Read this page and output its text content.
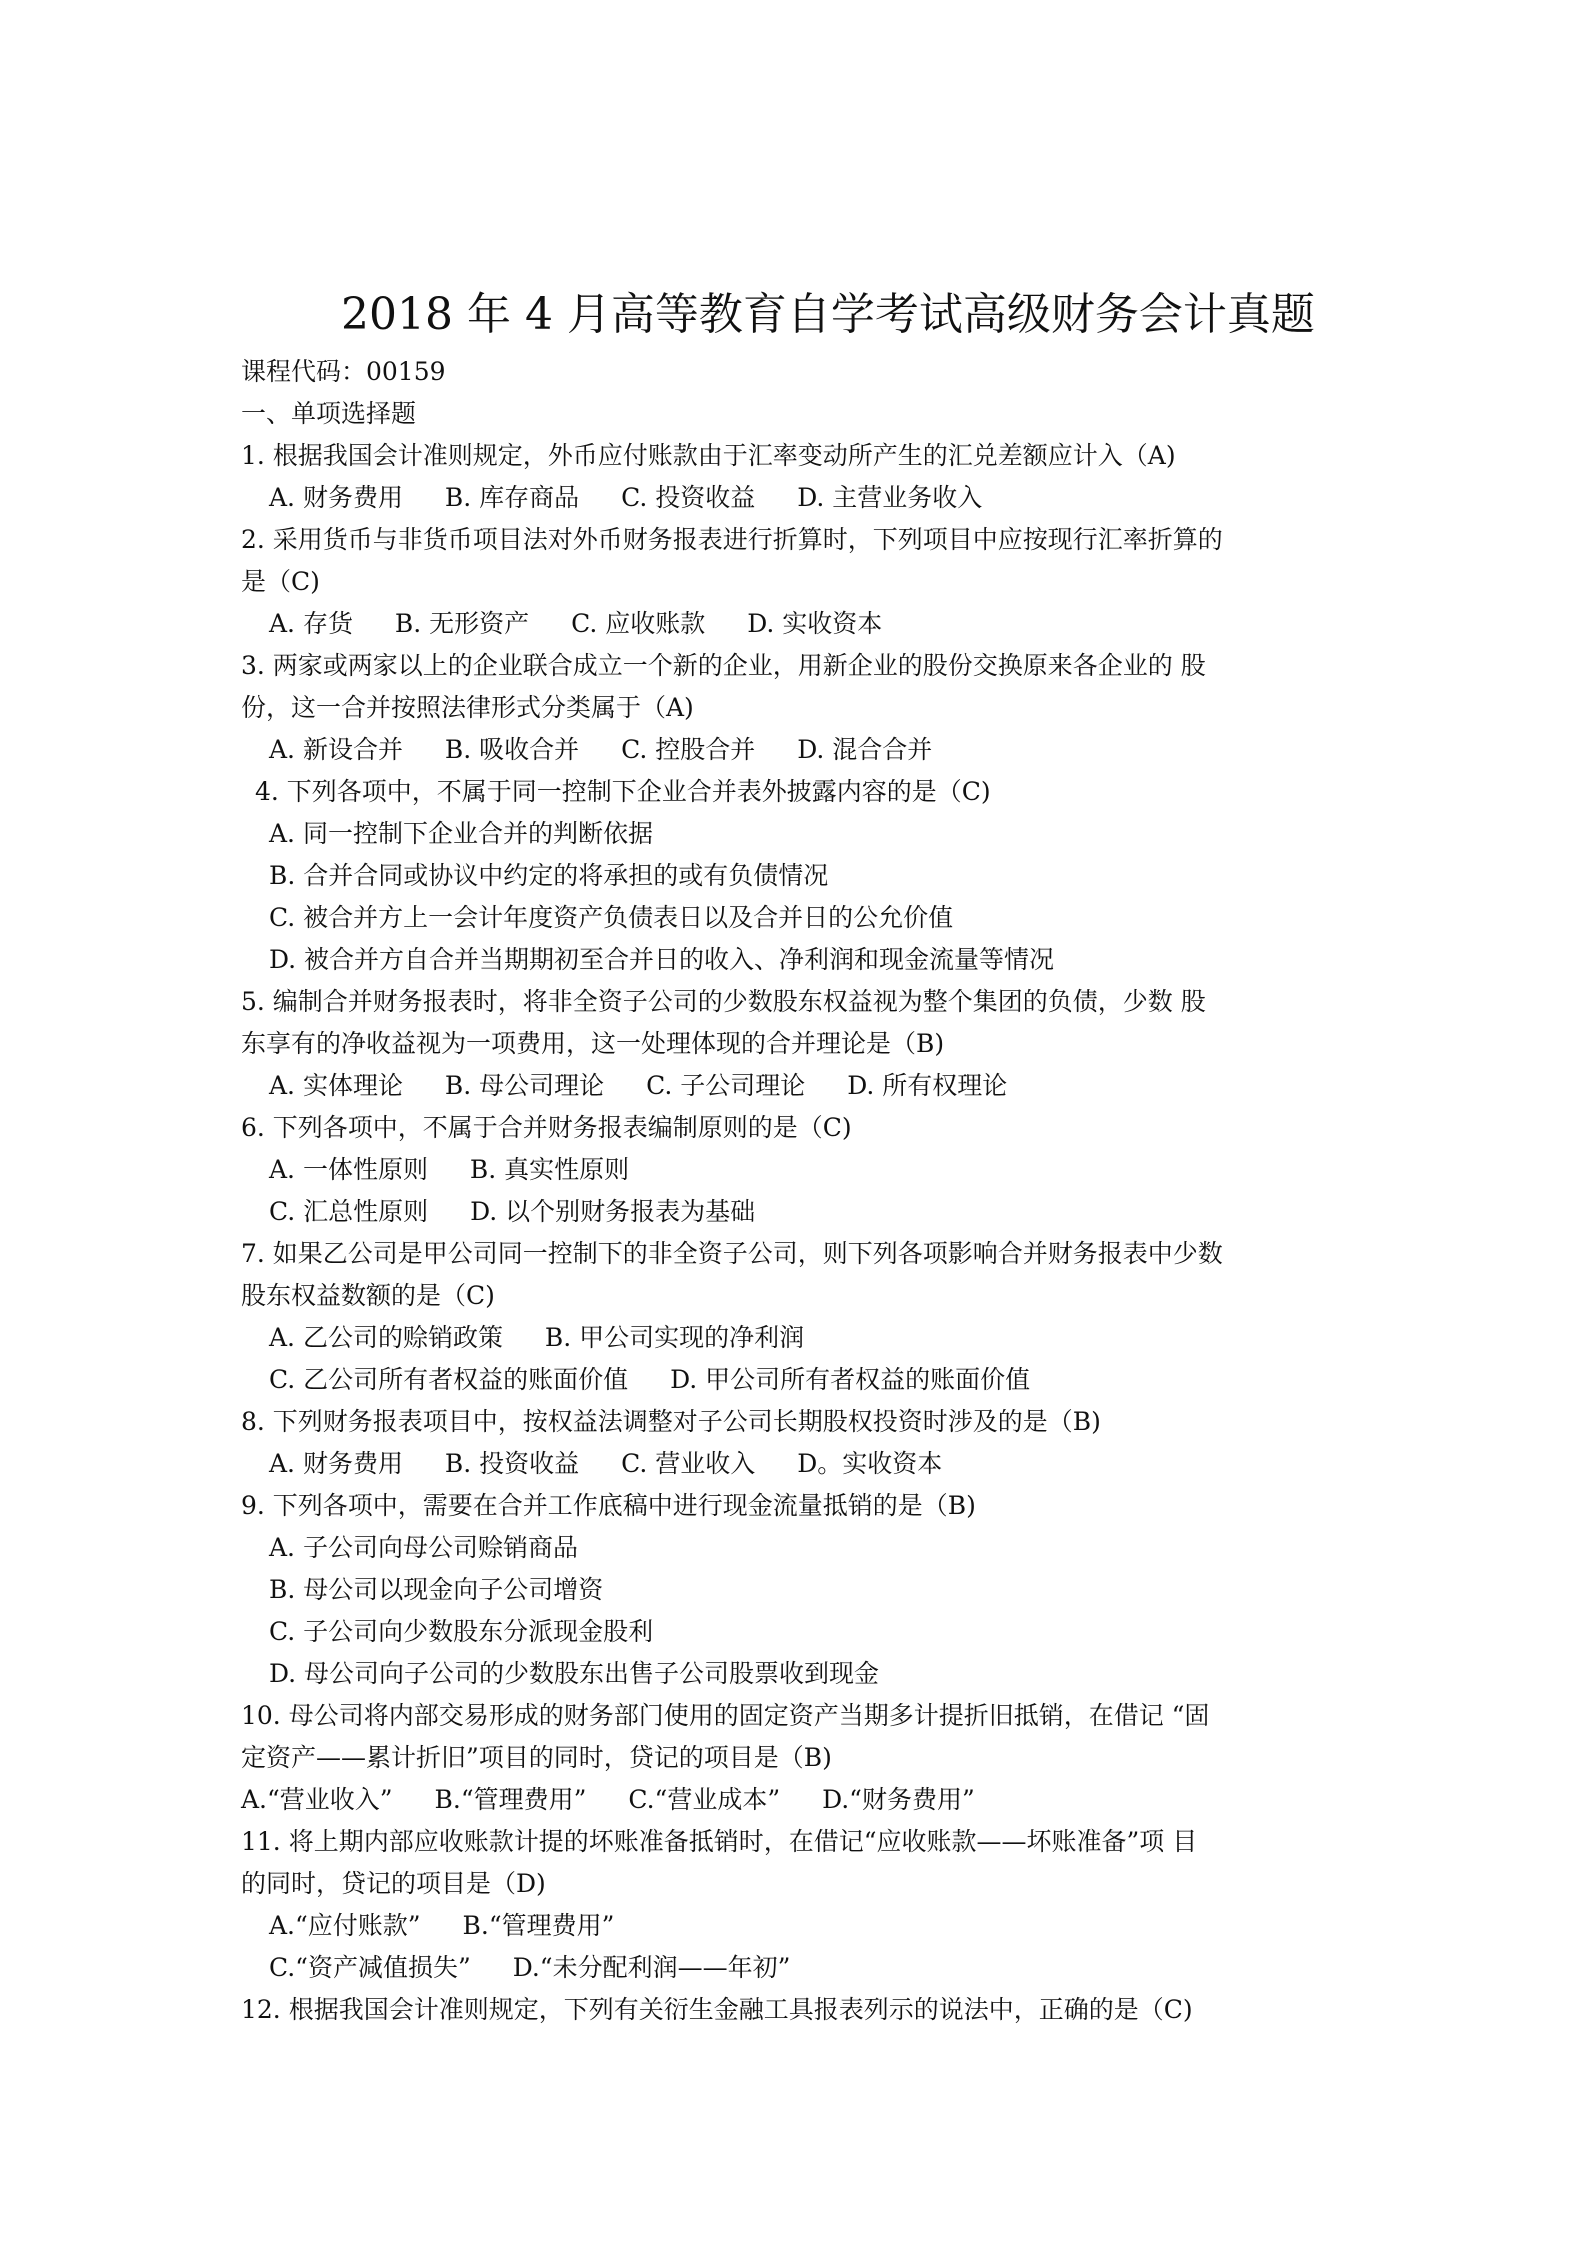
2018 年 4 月高等教育自学考试高级财务会计真题
课程代码：00159
一、单项选择题
1. 根据我国会计准则规定，外币应付账款由于汇率变动所产生的汇兑差额应计入（A)
A. 财务费用 B. 库存商品 C. 投资收益 D. 主营业务收入
2. 采用货币与非货币项目法对外币财务报表进行折算时，下列项目中应按现行汇率折算的
是（C)
A. 存货 B. 无形资产 C. 应收账款 D. 实收资本
3. 两家或两家以上的企业联合成立一个新的企业，用新企业的股份交换原来各企业的 股
份，这一合并按照法律形式分类属于（A)
A. 新设合并 B. 吸收合并 C. 控股合并 D. 混合合并
4. 下列各项中，不属于同一控制下企业合并表外披露内容的是（C)
A. 同一控制下企业合并的判断依据
B. 合并合同或协议中约定的将承担的或有负债情况
C. 被合并方上一会计年度资产负债表日以及合并日的公允价值
D. 被合并方自合并当期期初至合并日的收入、净利润和现金流量等情况
5. 编制合并财务报表时，将非全资子公司的少数股东权益视为整个集团的负债，少数 股
东享有的净收益视为一项费用，这一处理体现的合并理论是（B)
A. 实体理论 B. 母公司理论 C. 子公司理论 D. 所有权理论
6. 下列各项中，不属于合并财务报表编制原则的是（C)
A. 一体性原则 B. 真实性原则
C. 汇总性原则 D. 以个别财务报表为基础
7. 如果乙公司是甲公司同一控制下的非全资子公司，则下列各项影响合并财务报表中少数
股东权益数额的是（C)
A. 乙公司的赊销政策 B. 甲公司实现的净利润
C. 乙公司所有者权益的账面价值 D. 甲公司所有者权益的账面价值
8. 下列财务报表项目中，按权益法调整对子公司长期股权投资时涉及的是（B)
A. 财务费用 B. 投资收益 C. 营业收入 D。实收资本
9. 下列各项中，需要在合并工作底稿中进行现金流量抵销的是（B)
A. 子公司向母公司赊销商品
B. 母公司以现金向子公司增资
C. 子公司向少数股东分派现金股利
D. 母公司向子公司的少数股东出售子公司股票收到现金
10. 母公司将内部交易形成的财务部门使用的固定资产当期多计提折旧抵销，在借记 “固
定资产——累计折旧”项目的同时，贷记的项目是（B)
A.“营业收入” B.“管理费用” C.“营业成本” D.“财务费用”
11. 将上期内部应收账款计提的坏账准备抵销时，在借记“应收账款——坏账准备”项 目
的同时，贷记的项目是（D)
A.“应付账款” B.“管理费用”
C.“资产减值损失” D.“未分配利润——年初”
12. 根据我国会计准则规定，下列有关衍生金融工具报表列示的说法中，正确的是（C)
